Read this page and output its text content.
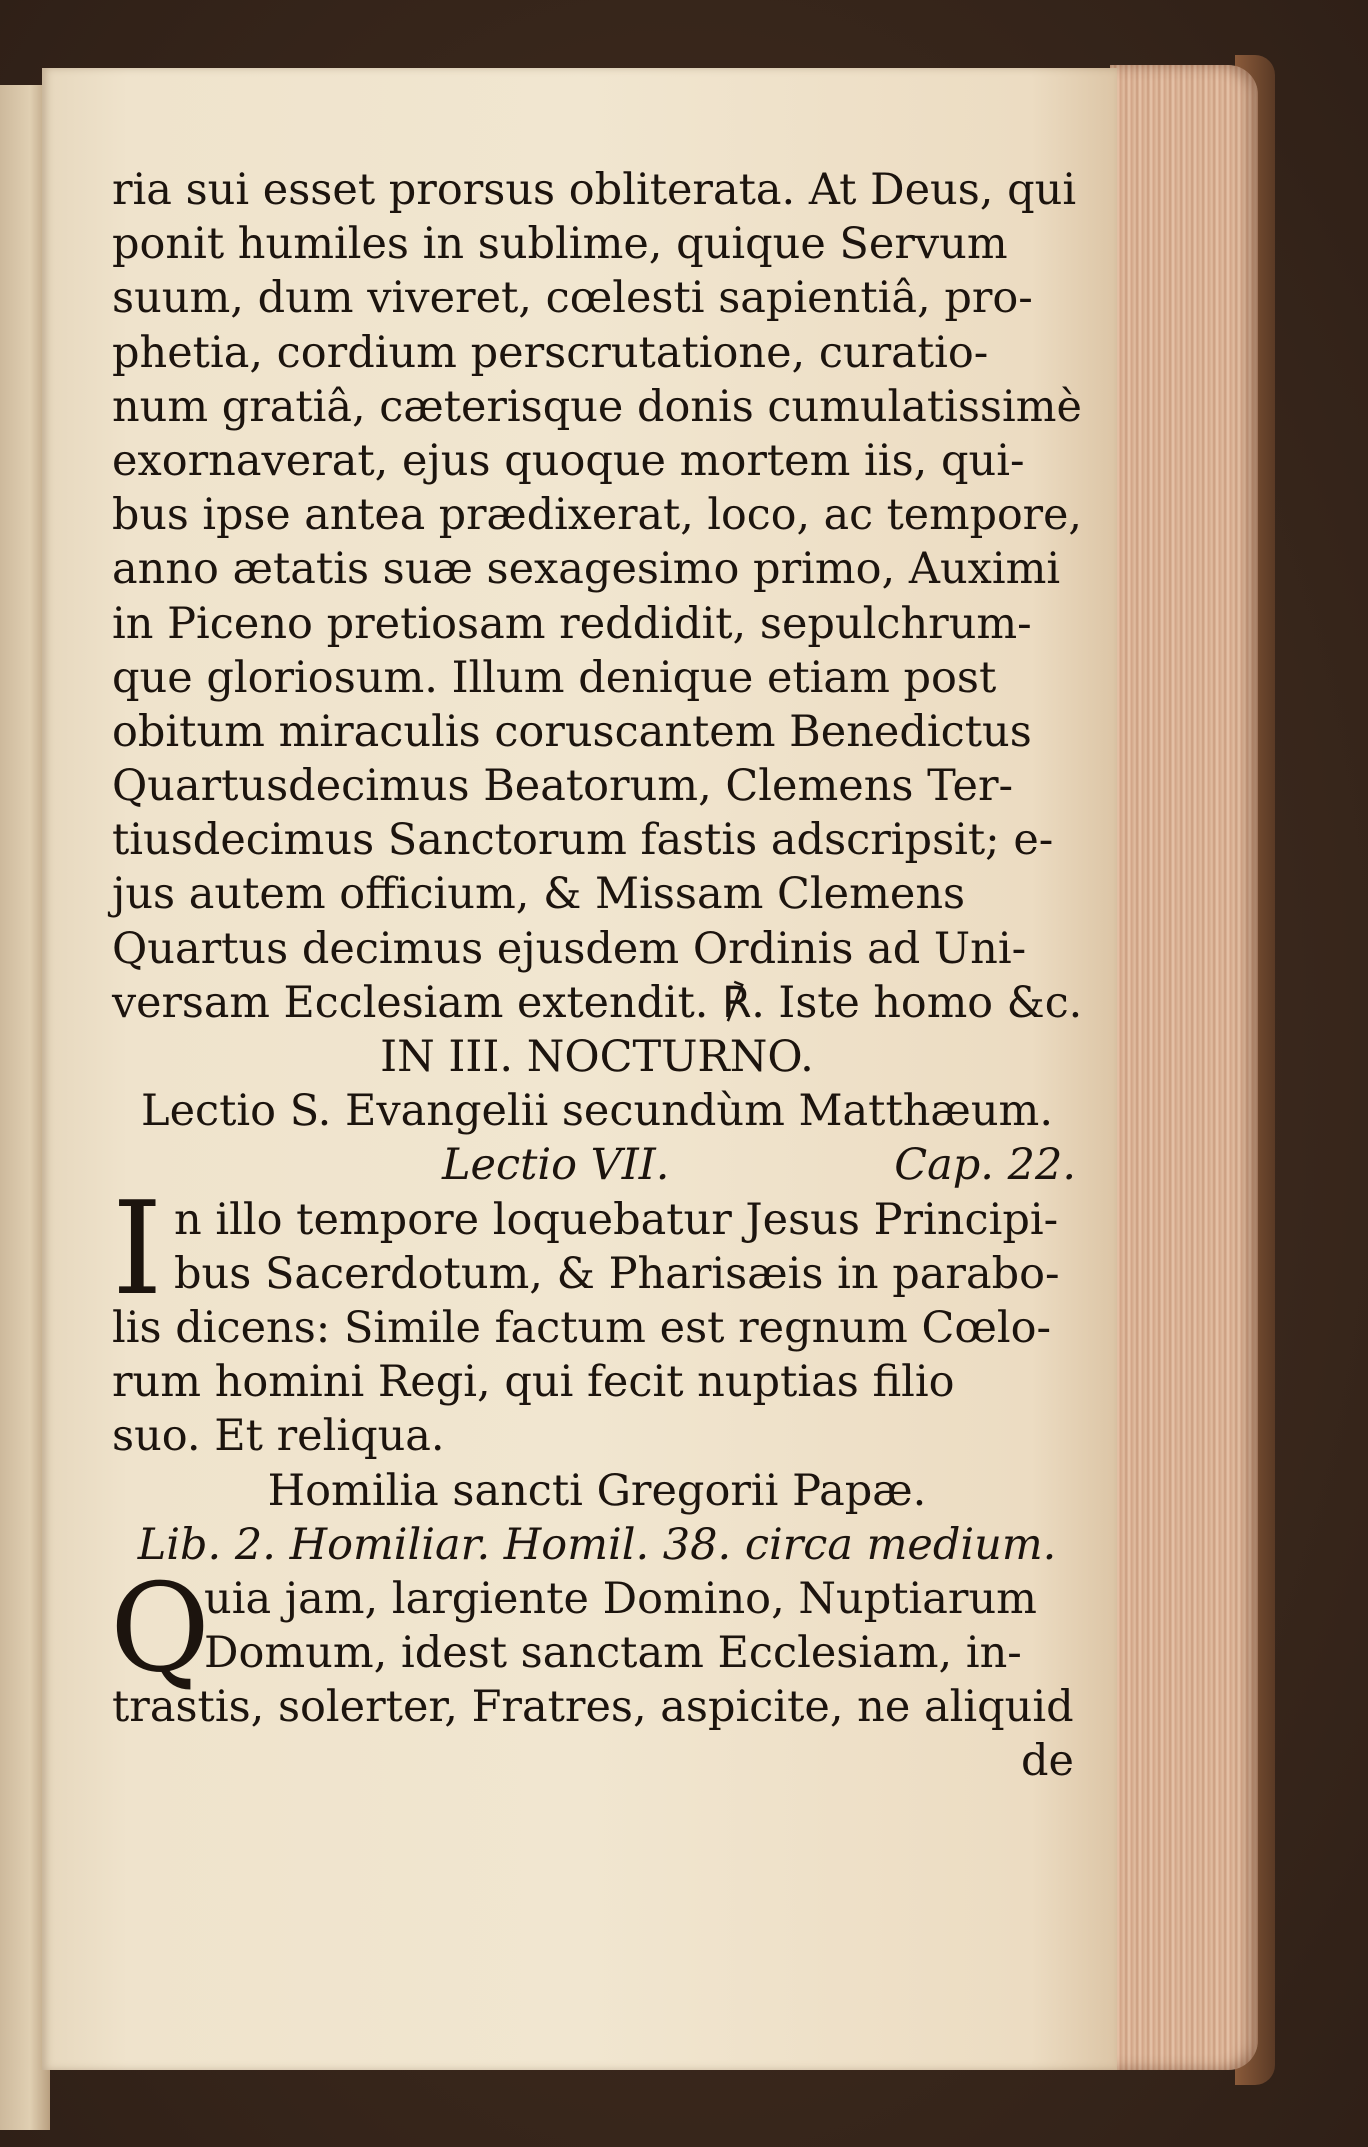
ria sui esset prorsus obliterata. At Deus, qui
ponit humiles in sublime, quique Servum
suum, dum viveret, cœlesti sapientiâ, pro-
phetia, cordium perscrutatione, curatio-
num gratiâ, cæterisque donis cumulatissimè
exornaverat, ejus quoque mortem iis, qui-
bus ipse antea prædixerat, loco, ac tempore,
anno ætatis suæ sexagesimo primo, Auximi
in Piceno pretiosam reddidit, sepulchrum-
que gloriosum. Illum denique etiam post
obitum miraculis coruscantem Benedictus
Quartusdecimus Beatorum, Clemens Ter-
tiusdecimus Sanctorum fastis adscripsit; e-
jus autem officium, & Missam Clemens
Quartus decimus ejusdem Ordinis ad Uni-
versam Ecclesiam extendit. ℟. Iste homo &c.
IN III. NOCTURNO.
Lectio S. Evangelii secundùm Matthæum.
Lectio VII.	Cap. 22.
I n illo tempore loquebatur Jesus Principi-
bus Sacerdotum, & Pharisæis in parabo-
lis dicens: Simile factum est regnum Cœlo-
rum homini Regi, qui fecit nuptias filio
suo. Et reliqua.
Homilia sancti Gregorii Papæ.
Lib. 2. Homiliar. Homil. 38. circa medium.
Q
uia jam, largiente Domino, Nuptiarum
Domum, idest sanctam Ecclesiam, in-
trastis, solerter, Fratres, aspicite, ne aliquid
de
